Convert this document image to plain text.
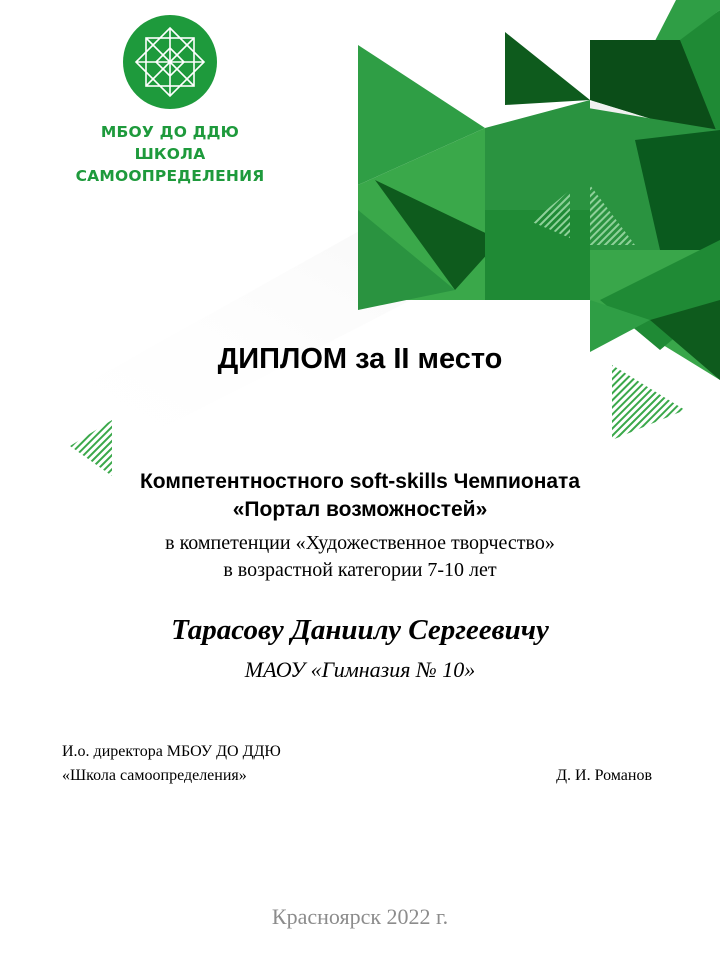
МБОУ ДО ДДЮ
ШКОЛА
САМООПРЕДЕЛЕНИЯ
ДИПЛОМ за II место
Компетентностного soft-skills Чемпионата
«Портал возможностей»
в компетенции «Художественное творчество»
в возрастной категории 7-10 лет
Тарасову Даниилу Сергеевичу
МАОУ «Гимназия № 10»
И.о. директора МБОУ ДО ДДЮ
«Школа самоопределения»	Д. И. Романов
Красноярск 2022 г.
